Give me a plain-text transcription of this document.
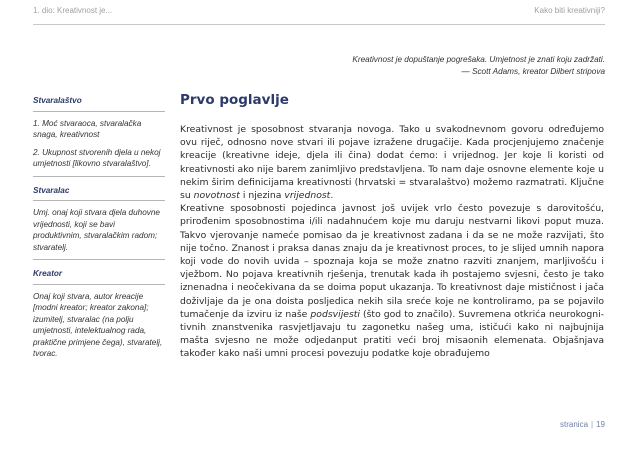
1. dio: Kreativnost je...	Kako biti kreativniji?
Kreativnost je dopuštanje pogrešaka. Umjetnost je znati koju zadržati.
— Scott Adams, kreator Dilbert stripova
Stvaralaštvo

1. Moć stvaraoca, stvaralačka snaga, kreativnost

2. Ukupnost stvorenih djela u nekoj umjetnosti [likovno stvaralaštvo].

Stvaralac

Umj. onaj koji stvara djela duhovne vrijednosti, koji se bavi produktivnim, stvaralačkim radom; stvaratelj.

Kreator

Onaj koji stvara, autor kreacije [modni kreator; kreator zakona]; izumitelj, stvaralac (na polju umjetnosti, intelektualnog rada, praktične primjene čega), stvaratelj, tvorac.

Prvo poglavlje

Kreativnost je sposobnost stvaranja novoga. Tako u svakodnevnom govoru određujemo ovu riječ, odnosno nove stvari ili pojave izražene drugačije. Kada procjenjujemo značenje kreacije (kreativne ideje, djela ili čina) dodat ćemo: i vrijednog. Jer koje li koristi od kreativnosti ako nije barem zanimljivo predstavljena. To nam daje osnovne elemente koje u nekim širim definicijama kreativnosti (hrvatski = stvaralaštvo) možemo razmatrati. Ključne su novotnost i njezina vrijednost.

Kreativne sposobnosti pojedinca javnost još uvijek vrlo često povezuje s darovitošću, prirođenim sposobnostima i/ili nadahnućem koje mu daruju nestvarni likovi poput muza. Takvo vjerovanje nameće pomisao da je kreativnost zadana i da se ne može razvijati, što nije točno. Znanost i praksa danas znaju da je kreativnost proces, to je slijed umnih napora koji vode do novih uvida – spoznaja koja se može znatno razviti znanjem, marljivošću i vježbom. No pojava kreativnih rješenja, trenutak kada ih postajemo svjesni, često je tako iznenadna i neočekivana da se doima poput ukazanja. To kreativnost daje mističnost i jača doživljaje da je ona doista posljedica nekih sila sreće koje ne kontroliramo, pa se pojavilo tumačenje da izviru iz naše podsvijesti (što god to značilo). Suvremena otkrića neurokognitivnih znanstvenika rasvjetljavaju tu zagonetku našeg uma, ističući kako ni najbujnija mašta svjesno ne može odjedanput pratiti veći broj misaonih elemenata. Objašnjava također kako naši umni procesi povezuju podatke koje obrađujemo

stranica | 19
